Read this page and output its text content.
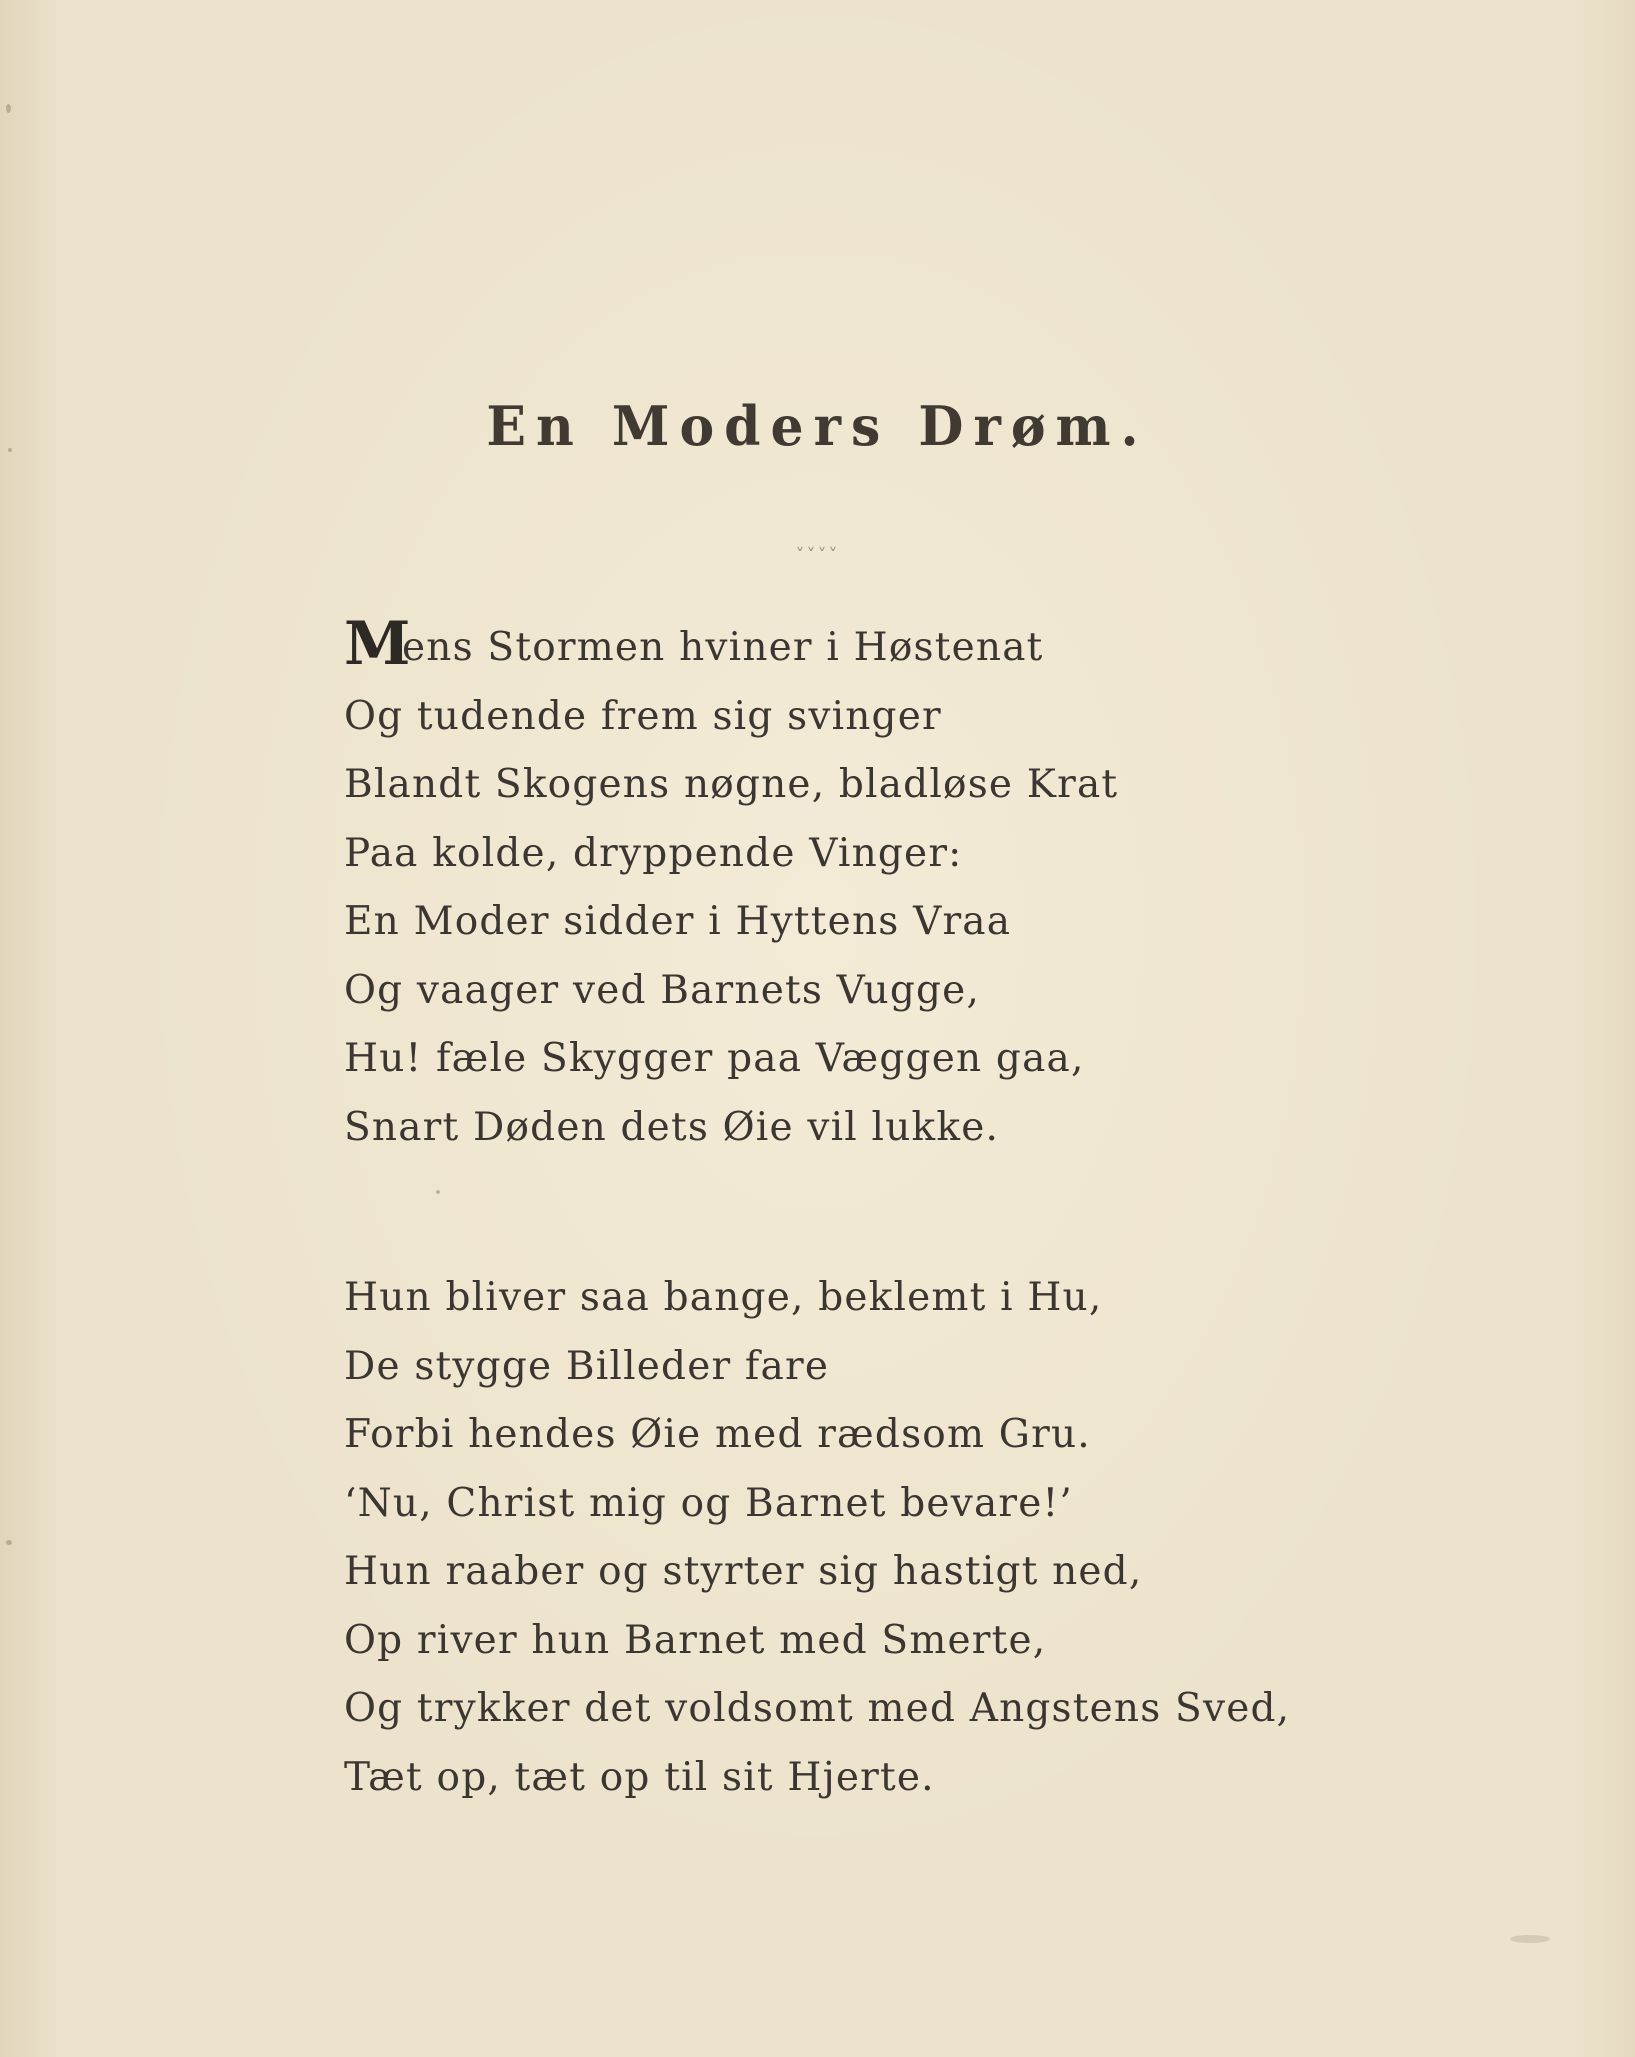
En Moders Drøm.
ˬˬˬˬ
M
ens Stormen hviner i Høstenat
Og tudende frem sig svinger
Blandt Skogens nøgne, bladløse Krat
Paa kolde, dryppende Vinger:
En Moder sidder i Hyttens Vraa
Og vaager ved Barnets Vugge,
Hu! fæle Skygger paa Væggen gaa,
Snart Døden dets Øie vil lukke.
Hun bliver saa bange, beklemt i Hu,
De stygge Billeder fare
Forbi hendes Øie med rædsom Gru.
‘Nu, Christ mig og Barnet bevare!’
Hun raaber og styrter sig hastigt ned,
Op river hun Barnet med Smerte,
Og trykker det voldsomt med Angstens Sved,
Tæt op, tæt op til sit Hjerte.
